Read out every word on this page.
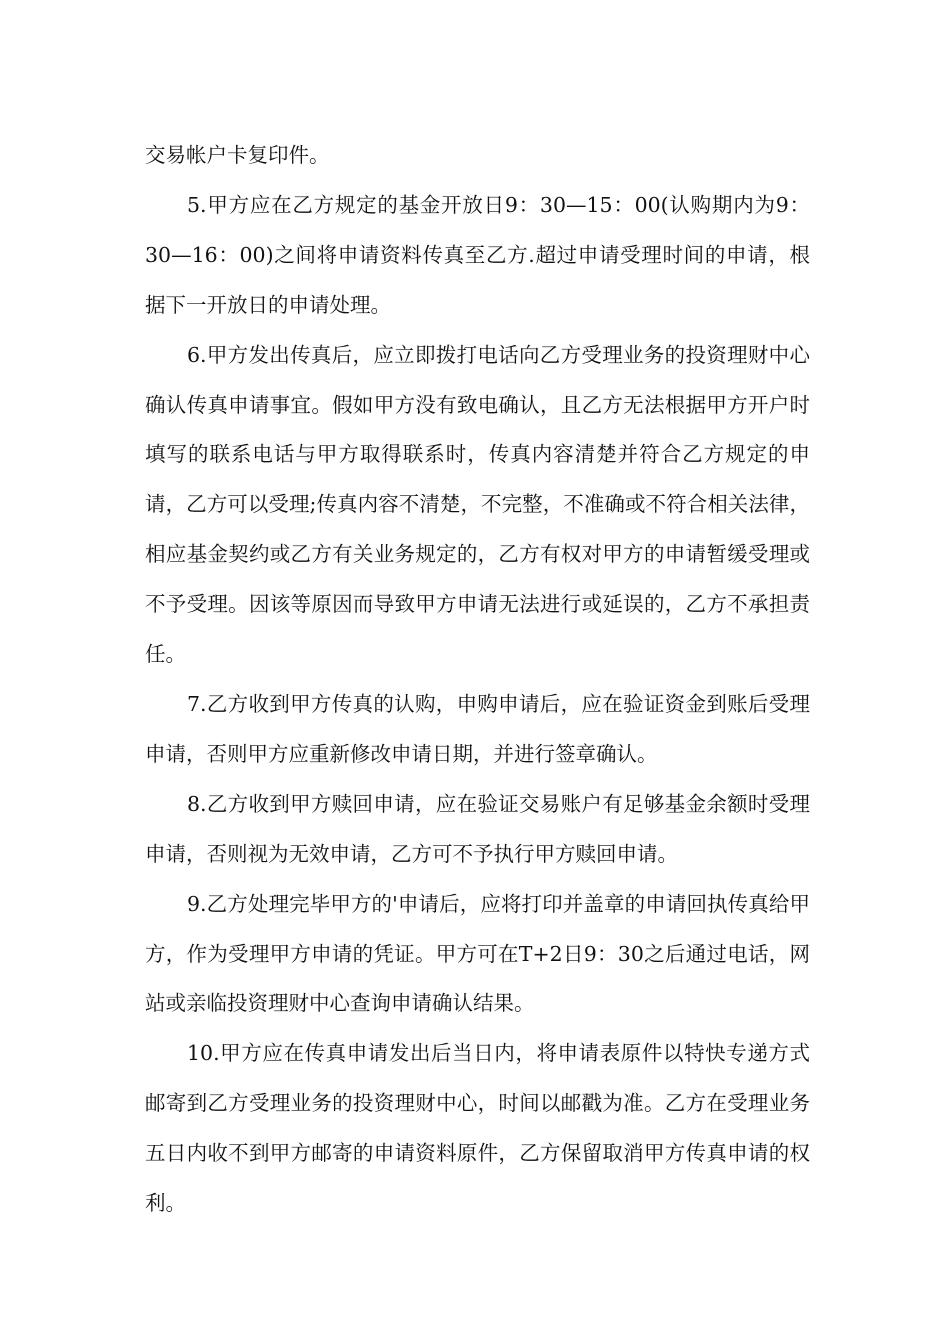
交易帐户卡复印件。

5.甲方应在乙方规定的基金开放日9：30—15：00(认购期内为9：30—16：00)之间将申请资料传真至乙方.超过申请受理时间的申请，根据下一开放日的申请处理。

6.甲方发出传真后，应立即拨打电话向乙方受理业务的投资理财中心确认传真申请事宜。假如甲方没有致电确认，且乙方无法根据甲方开户时填写的联系电话与甲方取得联系时，传真内容清楚并符合乙方规定的申请，乙方可以受理;传真内容不清楚，不完整，不准确或不符合相关法律，相应基金契约或乙方有关业务规定的，乙方有权对甲方的申请暂缓受理或不予受理。因该等原因而导致甲方申请无法进行或延误的，乙方不承担责任。

7.乙方收到甲方传真的认购，申购申请后，应在验证资金到账后受理申请，否则甲方应重新修改申请日期，并进行签章确认。

8.乙方收到甲方赎回申请，应在验证交易账户有足够基金余额时受理申请，否则视为无效申请，乙方可不予执行甲方赎回申请。

9.乙方处理完毕甲方的'申请后，应将打印并盖章的申请回执传真给甲方，作为受理甲方申请的凭证。甲方可在T+2日9：30之后通过电话，网站或亲临投资理财中心查询申请确认结果。

10.甲方应在传真申请发出后当日内，将申请表原件以特快专递方式邮寄到乙方受理业务的投资理财中心，时间以邮戳为准。乙方在受理业务五日内收不到甲方邮寄的申请资料原件，乙方保留取消甲方传真申请的权利。
